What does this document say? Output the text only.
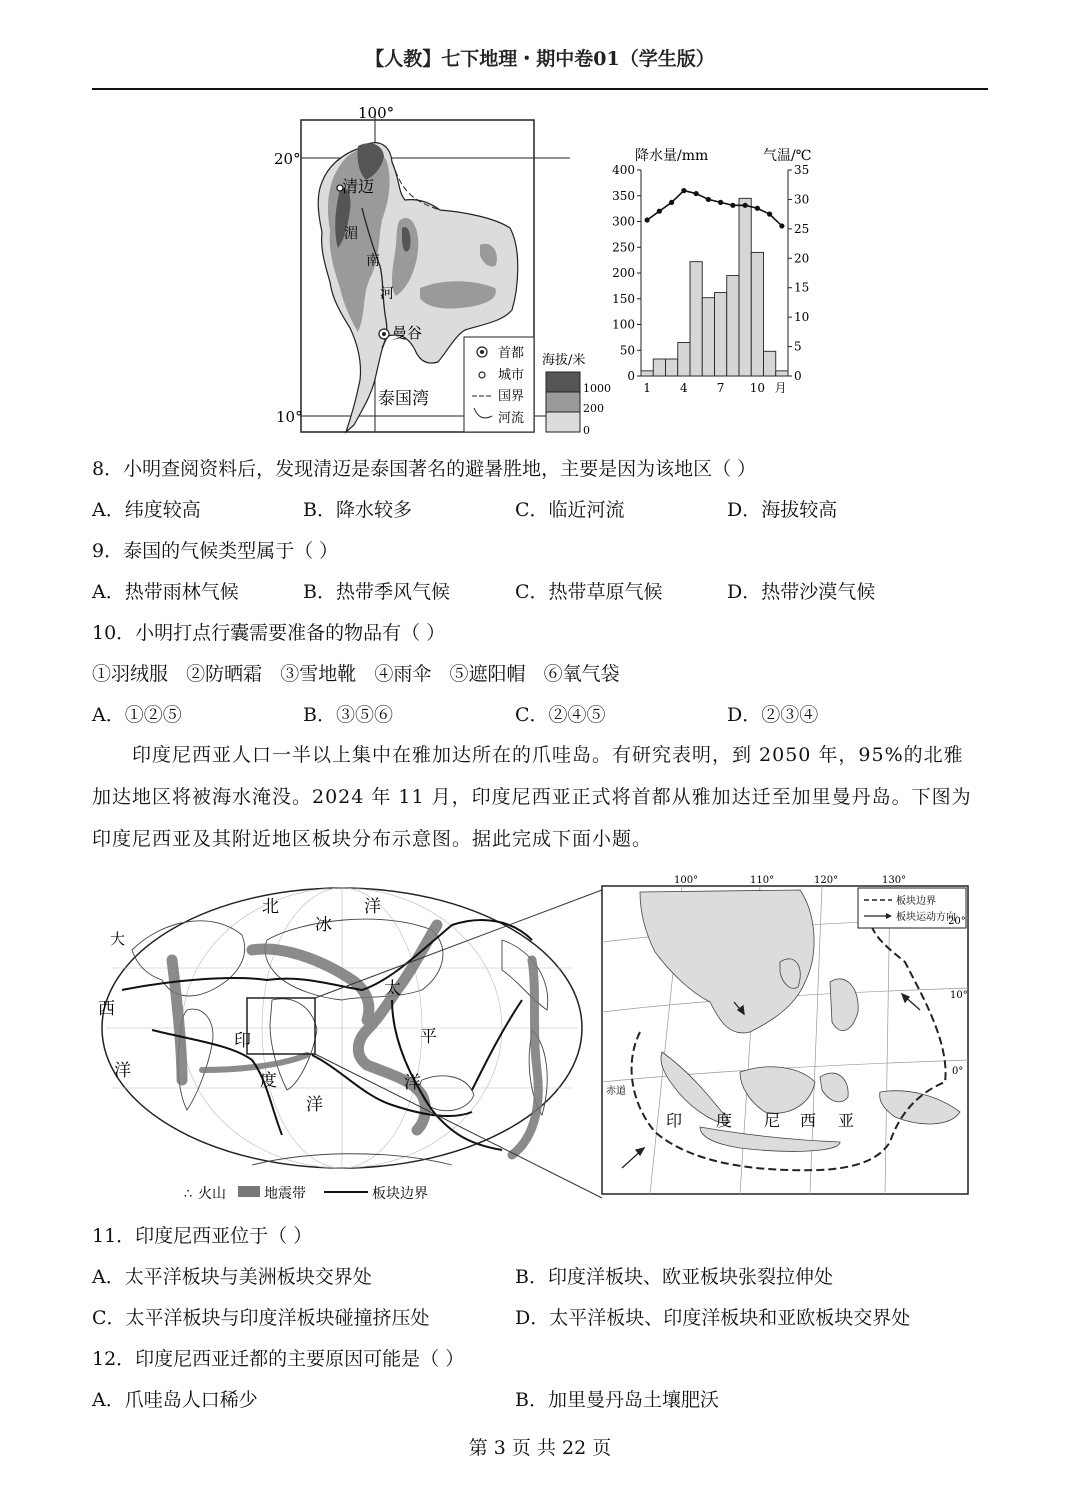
【人教】七下地理・期中卷01（学生版）
清迈
湄
南
河
曼谷
泰国湾
100°
20°
10°
首都
城市
国界
河流
海拔/米
1000
200
0
降水量/mm	气温/℃
0
50
100
150
200
250
300
350
400
0
5
10
15
20
25
30
35
1 4 7 10 月
8．小明查阅资料后，发现清迈是泰国著名的避暑胜地，主要是因为该地区（ ）
A．纬度较高	B．降水较多	C．临近河流	D．海拔较高
9．泰国的气候类型属于（ ）
A．热带雨林气候	B．热带季风气候	C．热带草原气候	D．热带沙漠气候
10．小明打点行囊需要准备的物品有（ ）
①羽绒服   ②防晒霜   ③雪地靴   ④雨伞   ⑤遮阳帽   ⑥氧气袋
A．①②⑤	B．③⑤⑥	C．②④⑤	D．②③④
印度尼西亚人口一半以上集中在雅加达所在的爪哇岛。有研究表明，到 2050 年，95%的北雅
加达地区将被海水淹没。2024 年 11 月，印度尼西亚正式将首都从雅加达迁至加里曼丹岛。下图为
印度尼西亚及其附近地区板块分布示意图。据此完成下面小题。
北
冰
洋
太
平
洋
西
洋
印
度
洋
大
∴ 火山	地震带	板块边界
板块边界
板块运动方向
100°	110°	120°	130°
20°
10°
0°
赤道
印 度 尼 西 亚
11．印度尼西亚位于（ ）
A．太平洋板块与美洲板块交界处	B．印度洋板块、欧亚板块张裂拉伸处
C．太平洋板块与印度洋板块碰撞挤压处	D．太平洋板块、印度洋板块和亚欧板块交界处
12．印度尼西亚迁都的主要原因可能是（ ）
A．爪哇岛人口稀少	B．加里曼丹岛土壤肥沃
第 3 页 共 22 页
